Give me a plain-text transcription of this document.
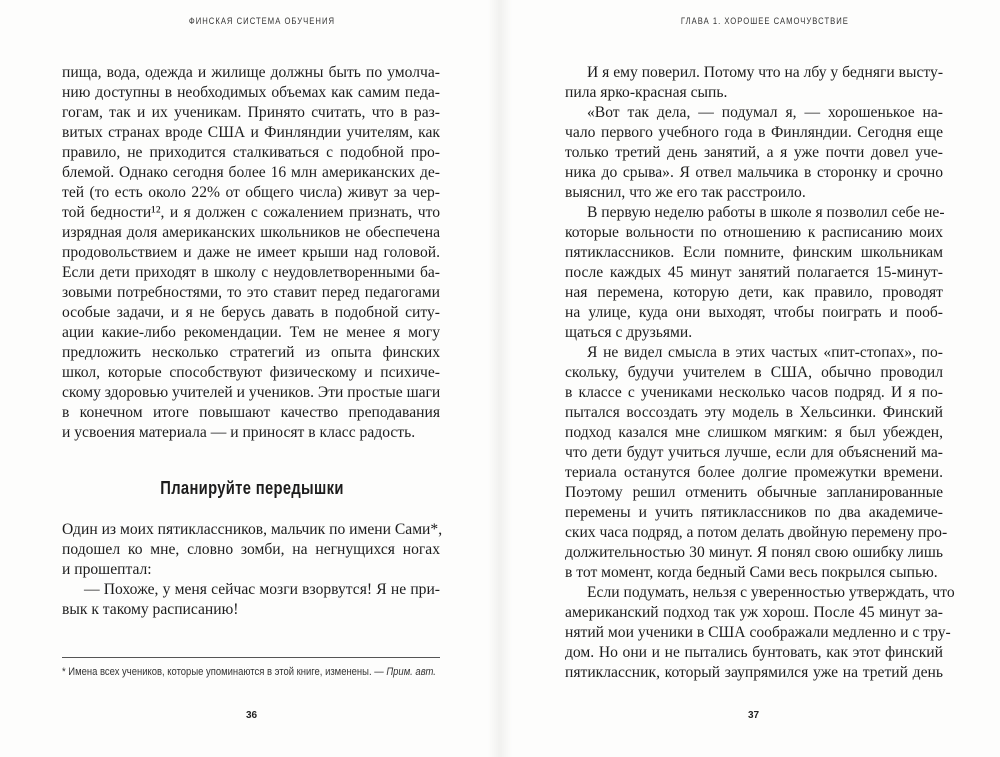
ФИНСКАЯ СИСТЕМА ОБУЧЕНИЯ
пища, вода, одежда и жилище должны быть по умолча-
нию доступны в необходимых объемах как самим педа-
гогам, так и их ученикам. Принято считать, что в раз-
витых странах вроде США и Финляндии учителям, как
правило, не приходится сталкиваться с подобной про-
блемой. Однако сегодня более 16 млн американских де-
тей (то есть около 22% от общего числа) живут за чер-
той бедности¹², и я должен с сожалением признать, что
изрядная доля американских школьников не обеспечена
продовольствием и даже не имеет крыши над головой.
Если дети приходят в школу с неудовлетворенными ба-
зовыми потребностями, то это ставит перед педагогами
особые задачи, и я не берусь давать в подобной ситу-
ации какие-либо рекомендации. Тем не менее я могу
предложить несколько стратегий из опыта финских
школ, которые способствуют физическому и психиче-
скому здоровью учителей и учеников. Эти простые шаги
в конечном итоге повышают качество преподавания
и усвоения материала — и приносят в класс радость.
Планируйте передышки
Один из моих пятиклассников, мальчик по имени Сами*,
подошел ко мне, словно зомби, на негнущихся ногах
и прошептал:
— Похоже, у меня сейчас мозги взорвутся! Я не при-
вык к такому расписанию!
* Имена всех учеников, которые упоминаются в этой книге, изменены. — Прим. авт.
36
ГЛАВА 1. ХОРОШЕЕ САМОЧУВСТВИЕ
И я ему поверил. Потому что на лбу у бедняги высту-
пила ярко-красная сыпь.
«Вот так дела, — подумал я, — хорошенькое на-
чало первого учебного года в Финляндии. Сегодня еще
только третий день занятий, а я уже почти довел уче-
ника до срыва». Я отвел мальчика в сторонку и срочно
выяснил, что же его так расстроило.
В первую неделю работы в школе я позволил себе не-
которые вольности по отношению к расписанию моих
пятиклассников. Если помните, финским школьникам
после каждых 45 минут занятий полагается 15-минут-
ная перемена, которую дети, как правило, проводят
на улице, куда они выходят, чтобы поиграть и пооб-
щаться с друзьями.
Я не видел смысла в этих частых «пит-стопах», по-
скольку, будучи учителем в США, обычно проводил
в классе с учениками несколько часов подряд. И я по-
пытался воссоздать эту модель в Хельсинки. Финский
подход казался мне слишком мягким: я был убежден,
что дети будут учиться лучше, если для объяснений ма-
териала останутся более долгие промежутки времени.
Поэтому решил отменить обычные запланированные
перемены и учить пятиклассников по два академиче-
ских часа подряд, а потом делать двойную перемену про-
должительностью 30 минут. Я понял свою ошибку лишь
в тот момент, когда бедный Сами весь покрылся сыпью.
Если подумать, нельзя с уверенностью утверждать, что
американский подход так уж хорош. После 45 минут за-
нятий мои ученики в США соображали медленно и с тру-
дом. Но они и не пытались бунтовать, как этот финский
пятиклассник, который заупрямился уже на третий день
37
